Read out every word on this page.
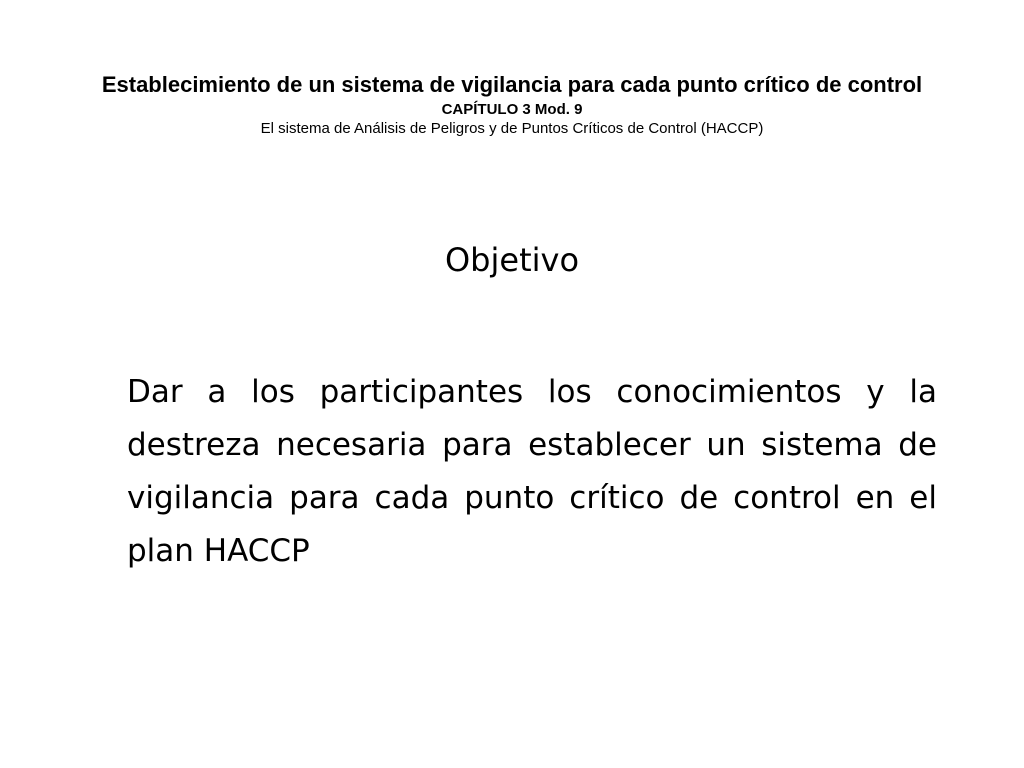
Establecimiento de un sistema de vigilancia para cada punto crítico de control

CAPÍTULO 3 Mod. 9

El sistema de Análisis de Peligros y de Puntos Críticos de Control (HACCP)

Objetivo

Dar a los participantes los conocimientos y la destreza necesaria para establecer un sistema de vigilancia para cada punto crítico de control en el plan HACCP
